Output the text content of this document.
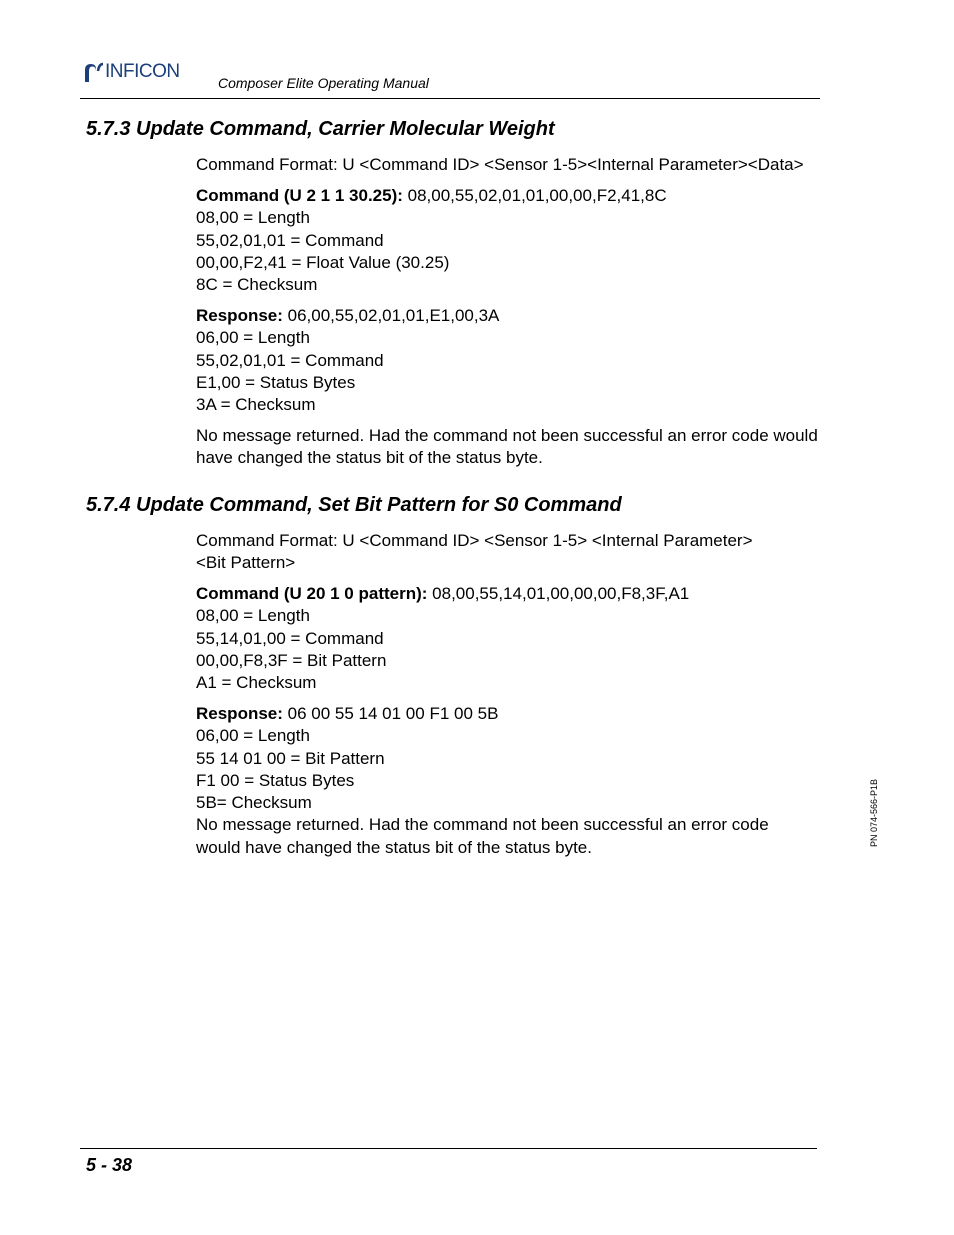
INFICON
Composer Elite Operating Manual
5.7.3 Update Command, Carrier Molecular Weight

Command Format: U <Command ID> <Sensor 1-5><Internal Parameter><Data>

Command (U 2 1 1 30.25): 08,00,55,02,01,01,00,00,F2,41,8C

08,00 = Length
55,02,01,01 = Command
00,00,F2,41 = Float Value (30.25)
8C = Checksum

Response: 06,00,55,02,01,01,E1,00,3A

06,00 = Length
55,02,01,01 = Command
E1,00 = Status Bytes
3A = Checksum

No message returned. Had the command not been successful an error code would have changed the status bit of the status byte.

5.7.4 Update Command, Set Bit Pattern for S0 Command

Command Format: U <Command ID> <Sensor 1-5> <Internal Parameter>

<Bit Pattern>

Command (U 20 1 0 pattern): 08,00,55,14,01,00,00,00,F8,3F,A1

08,00 = Length
55,14,01,00 = Command
00,00,F8,3F = Bit Pattern
A1 = Checksum

Response: 06 00 55 14 01 00 F1 00 5B

06,00 = Length
55 14 01 00 = Bit Pattern
F1 00 = Status Bytes
5B= Checksum

No message returned. Had the command not been successful an error code

would have changed the status bit of the status byte.

PN 074-566-P1B
5 - 38
